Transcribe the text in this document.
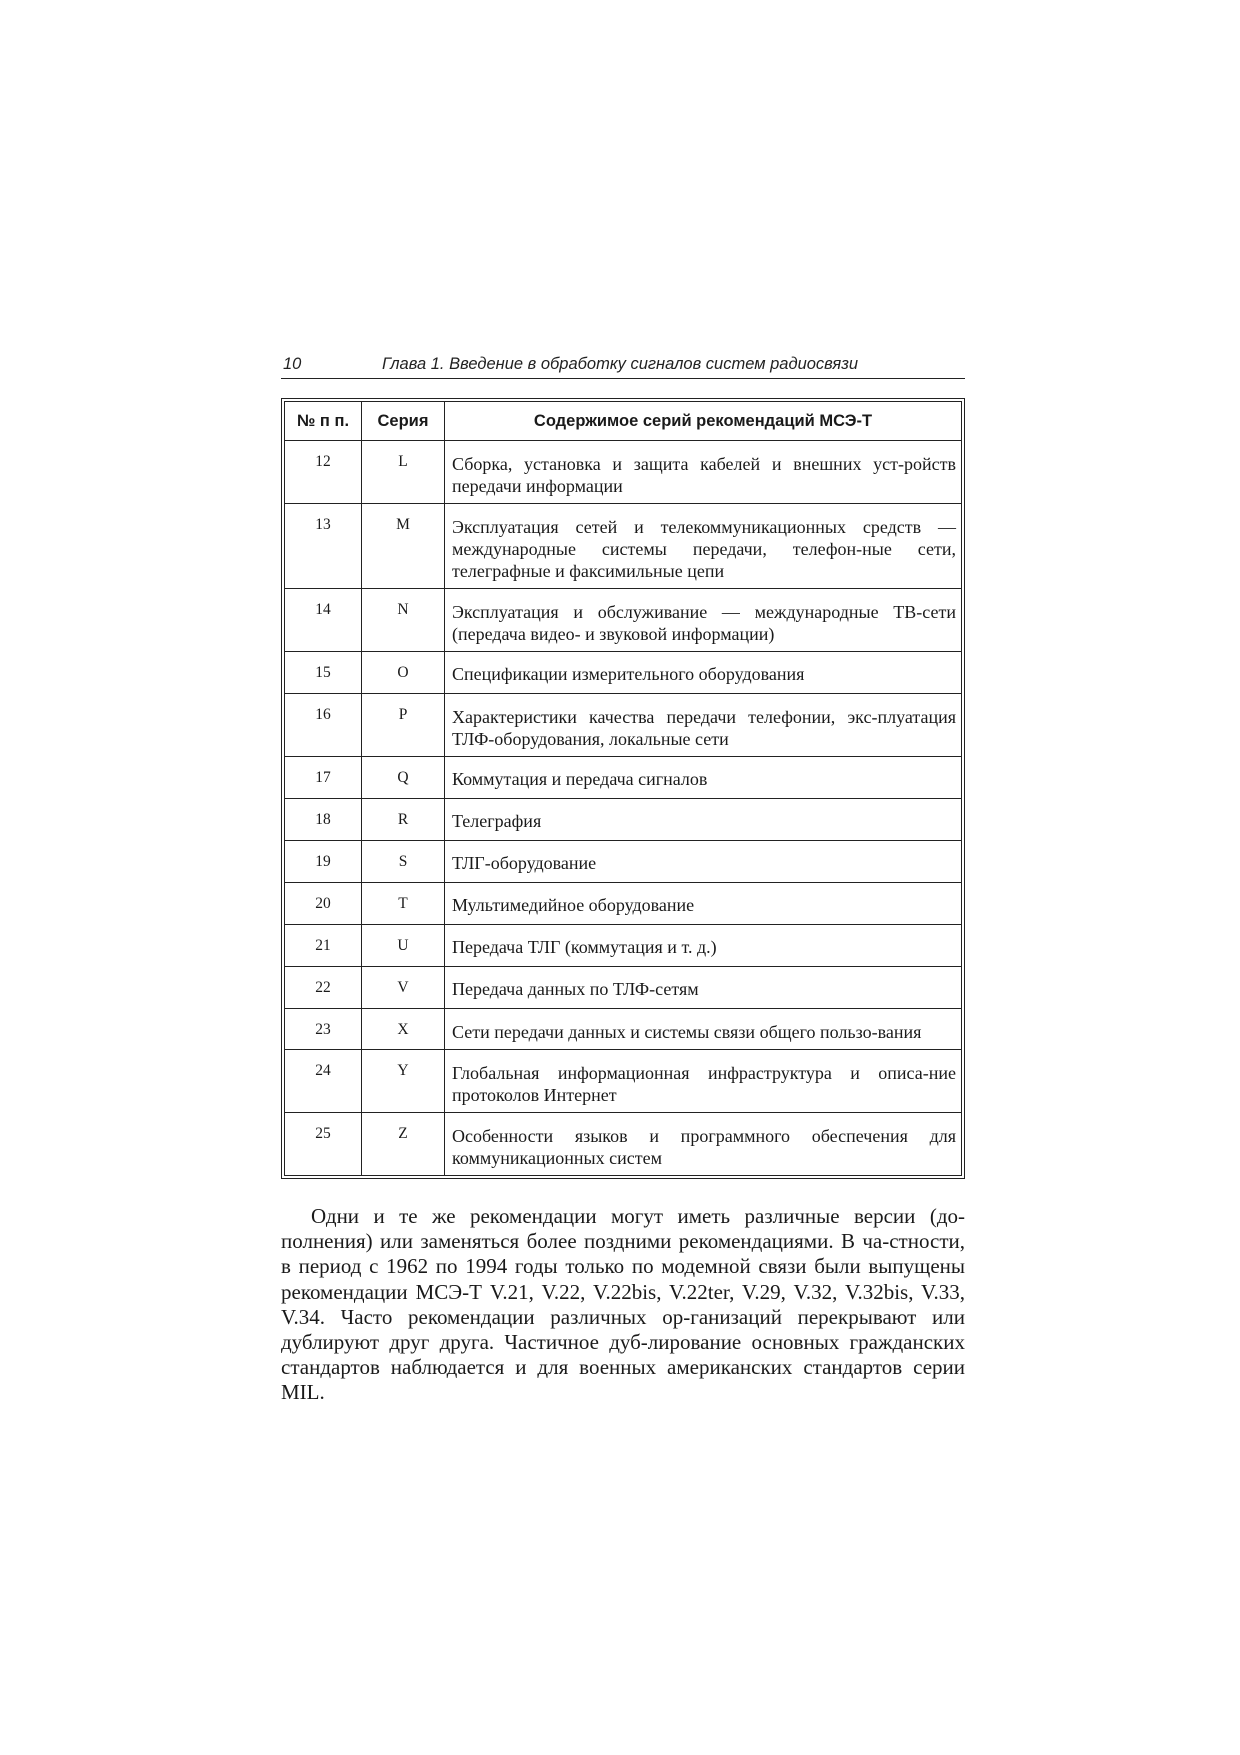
10	Глава 1. Введение в обработку сигналов систем радиосвязи
№ п п.	Серия	Содержимое серий рекомендаций МСЭ-Т
12	L	Сборка, установка и защита кабелей и внешних уст-ройств передачи информации
13	M	Эксплуатация сетей и телекоммуникационных средств — международные системы передачи, телефон-ные сети, телеграфные и факсимильные цепи
14	N	Эксплуатация и обслуживание — международные ТВ-сети (передача видео- и звуковой информации)
15	O	Спецификации измерительного оборудования
16	P	Характеристики качества передачи телефонии, экс-плуатация ТЛФ-оборудования, локальные сети
17	Q	Коммутация и передача сигналов
18	R	Телеграфия
19	S	ТЛГ-оборудование
20	T	Мультимедийное оборудование
21	U	Передача ТЛГ (коммутация и т. д.)
22	V	Передача данных по ТЛФ-сетям
23	X	Сети передачи данных и системы связи общего пользо-вания
24	Y	Глобальная информационная инфраструктура и описа-ние протоколов Интернет
25	Z	Особенности языков и программного обеспечения для коммуникационных систем

Одни и те же рекомендации могут иметь различные версии (до-полнения) или заменяться более поздними рекомендациями. В ча-стности, в период с 1962 по 1994 годы только по модемной связи были выпущены рекомендации МСЭ-Т V.21, V.22, V.22bis, V.22ter, V.29, V.32, V.32bis, V.33, V.34. Часто рекомендации различных ор-ганизаций перекрывают или дублируют друг друга. Частичное дуб-лирование основных гражданских стандартов наблюдается и для военных американских стандартов серии MIL.
